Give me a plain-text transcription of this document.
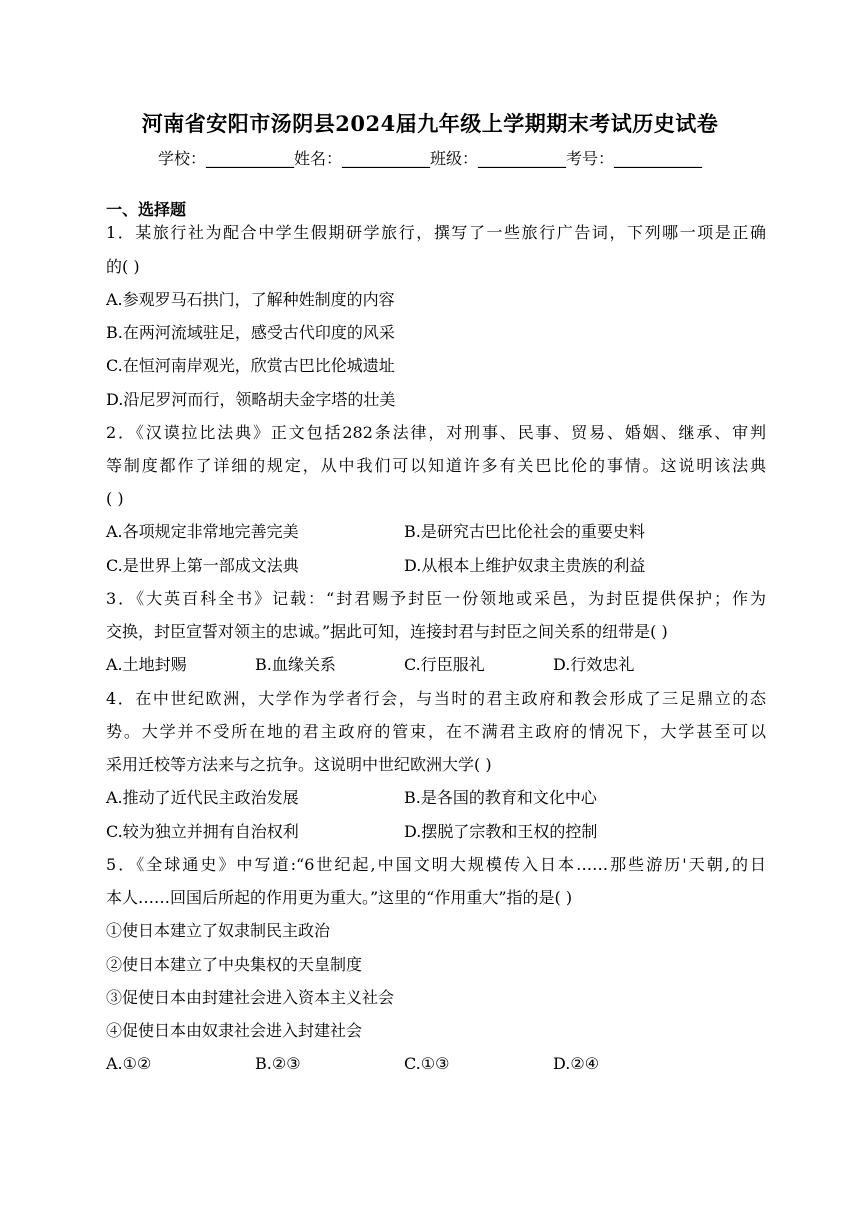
河南省安阳市汤阴县2024届九年级上学期期末考试历史试卷
学校：___________姓名：___________班级：___________考号：___________
一、选择题
1．某旅行社为配合中学生假期研学旅行，撰写了一些旅行广告词，下列哪一项是正确
的( )
A.参观罗马石拱门，了解种姓制度的内容
B.在两河流域驻足，感受古代印度的风采
C.在恒河南岸观光，欣赏古巴比伦城遗址
D.沿尼罗河而行，领略胡夫金字塔的壮美
2．《汉谟拉比法典》正文包括282条法律，对刑事、民事、贸易、婚姻、继承、审判
等制度都作了详细的规定，从中我们可以知道许多有关巴比伦的事情。这说明该法典
( )
A.各项规定非常地完善完美	B.是研究古巴比伦社会的重要史料
C.是世界上第一部成文法典	D.从根本上维护奴隶主贵族的利益
3．《大英百科全书》记载：“封君赐予封臣一份领地或采邑，为封臣提供保护；作为
交换，封臣宣誓对领主的忠诚。”据此可知，连接封君与封臣之间关系的纽带是( )
A.土地封赐	B.血缘关系	C.行臣服礼	D.行效忠礼
4．在中世纪欧洲，大学作为学者行会，与当时的君主政府和教会形成了三足鼎立的态
势。大学并不受所在地的君主政府的管束，在不满君主政府的情况下，大学甚至可以
采用迁校等方法来与之抗争。这说明中世纪欧洲大学( )
A.推动了近代民主政治发展	B.是各国的教育和文化中心
C.较为独立并拥有自治权利	D.摆脱了宗教和王权的控制
5．《全球通史》中写道:“6世纪起,中国文明大规模传入日本……那些游历'天朝,的日
本人……回国后所起的作用更为重大。”这里的“作用重大”指的是( )
①使日本建立了奴隶制民主政治
②使日本建立了中央集权的天皇制度
③促使日本由封建社会进入资本主义社会
④促使日本由奴隶社会进入封建社会
A.①②	B.②③	C.①③	D.②④
